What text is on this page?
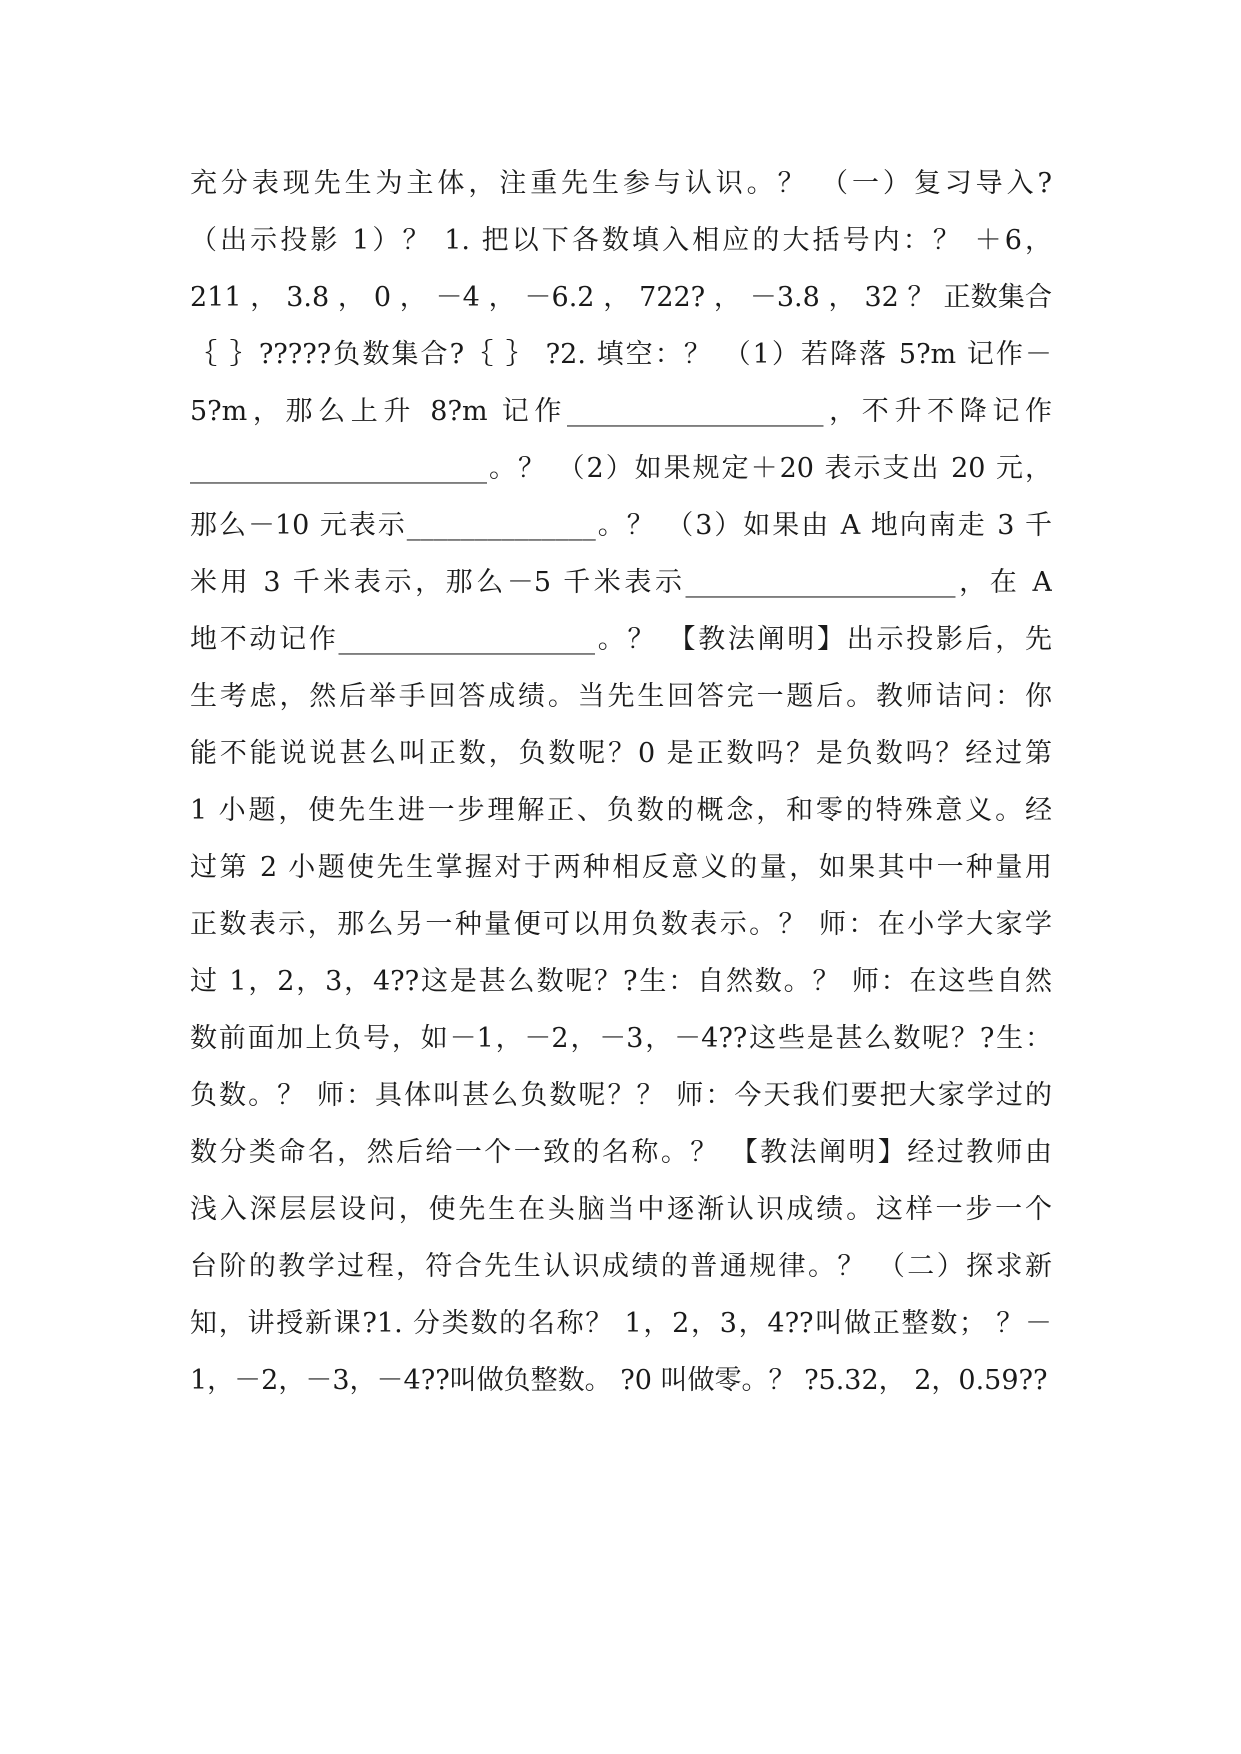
充分表现先生为主体，注重先生参与认识。？ （一）复习导入?
（出示投影 1）？ 1. 把以下各数填入相应的大括号内：？ ＋6，
211 ， 3.8 ， 0 ， －4 ， －6.2 ， 722? ， －3.8 ， 32 ？ 正数集合
｛ ｝?????负数集合?｛ ｝ ?2. 填空：？ （1）若降落 5?m 记作－
5?m，那么上升 8?m 记作___________________，不升不降记作
______________________。？ （2）如果规定＋20 表示支出 20 元，
那么－10 元表示______________。？ （3）如果由 A 地向南走 3 千
米用 3 千米表示，那么－5 千米表示____________________，在 A
地不动记作___________________。？ 【教法阐明】出示投影后，先
生考虑，然后举手回答成绩。当先生回答完一题后。教师诘问：你
能不能说说甚么叫正数，负数呢？0 是正数吗？是负数吗？经过第
1 小题，使先生进一步理解正、负数的概念，和零的特殊意义。经
过第 2 小题使先生掌握对于两种相反意义的量，如果其中一种量用
正数表示，那么另一种量便可以用负数表示。？ 师：在小学大家学
过 1，2，3，4??这是甚么数呢？?生：自然数。？ 师：在这些自然
数前面加上负号，如－1，－2，－3，－4??这些是甚么数呢？?生：
负数。？ 师：具体叫甚么负数呢？？ 师：今天我们要把大家学过的
数分类命名，然后给一个一致的名称。？ 【教法阐明】经过教师由
浅入深层层设问，使先生在头脑当中逐渐认识成绩。这样一步一个
台阶的教学过程，符合先生认识成绩的普通规律。？ （二）探求新
知，讲授新课?1. 分类数的名称？ 1，2，3，4??叫做正整数； ？－
1，－2，－3，－4??叫做负整数。 ?0 叫做零。？ ?5.32， 2，0.59??
